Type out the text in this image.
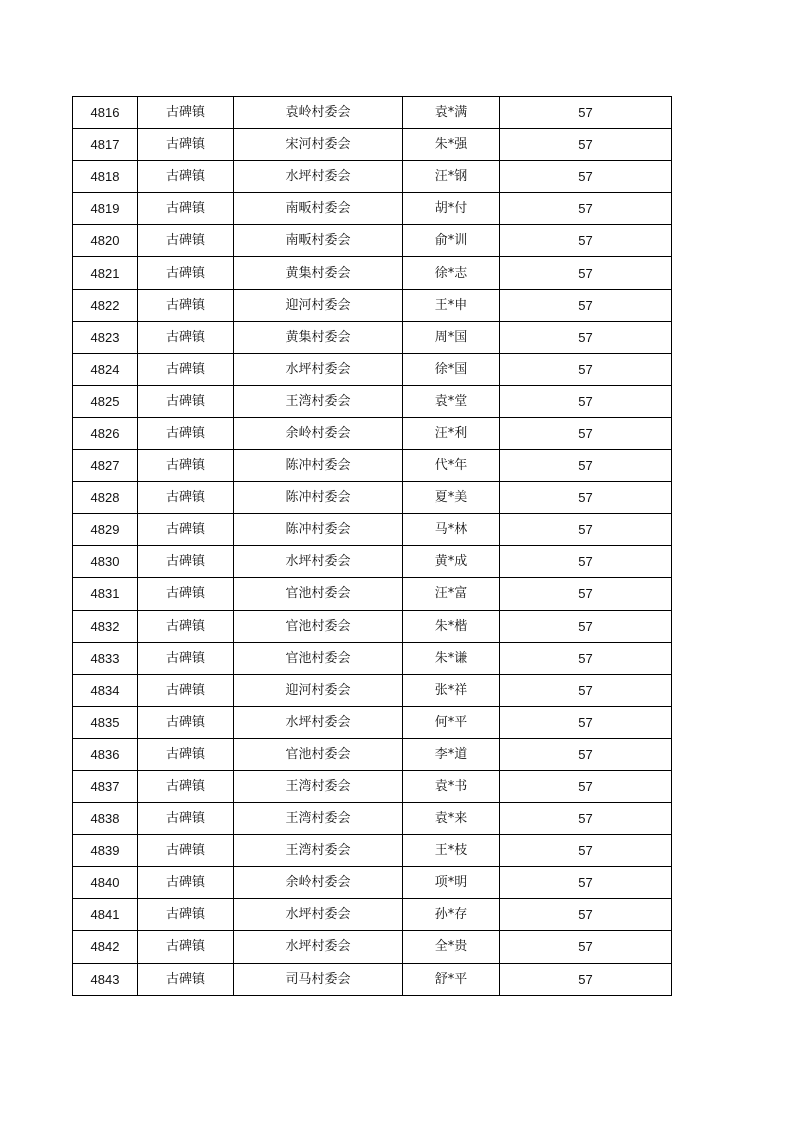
4816	古碑镇	袁岭村委会	袁*满	57
4817	古碑镇	宋河村委会	朱*强	57
4818	古碑镇	水坪村委会	汪*钢	57
4819	古碑镇	南畈村委会	胡*付	57
4820	古碑镇	南畈村委会	俞*训	57
4821	古碑镇	黄集村委会	徐*志	57
4822	古碑镇	迎河村委会	王*申	57
4823	古碑镇	黄集村委会	周*国	57
4824	古碑镇	水坪村委会	徐*国	57
4825	古碑镇	王湾村委会	袁*堂	57
4826	古碑镇	余岭村委会	汪*利	57
4827	古碑镇	陈冲村委会	代*年	57
4828	古碑镇	陈冲村委会	夏*美	57
4829	古碑镇	陈冲村委会	马*林	57
4830	古碑镇	水坪村委会	黄*成	57
4831	古碑镇	官池村委会	汪*富	57
4832	古碑镇	官池村委会	朱*楷	57
4833	古碑镇	官池村委会	朱*谦	57
4834	古碑镇	迎河村委会	张*祥	57
4835	古碑镇	水坪村委会	何*平	57
4836	古碑镇	官池村委会	李*道	57
4837	古碑镇	王湾村委会	袁*书	57
4838	古碑镇	王湾村委会	袁*来	57
4839	古碑镇	王湾村委会	王*枝	57
4840	古碑镇	余岭村委会	项*明	57
4841	古碑镇	水坪村委会	孙*存	57
4842	古碑镇	水坪村委会	全*贵	57
4843	古碑镇	司马村委会	舒*平	57
